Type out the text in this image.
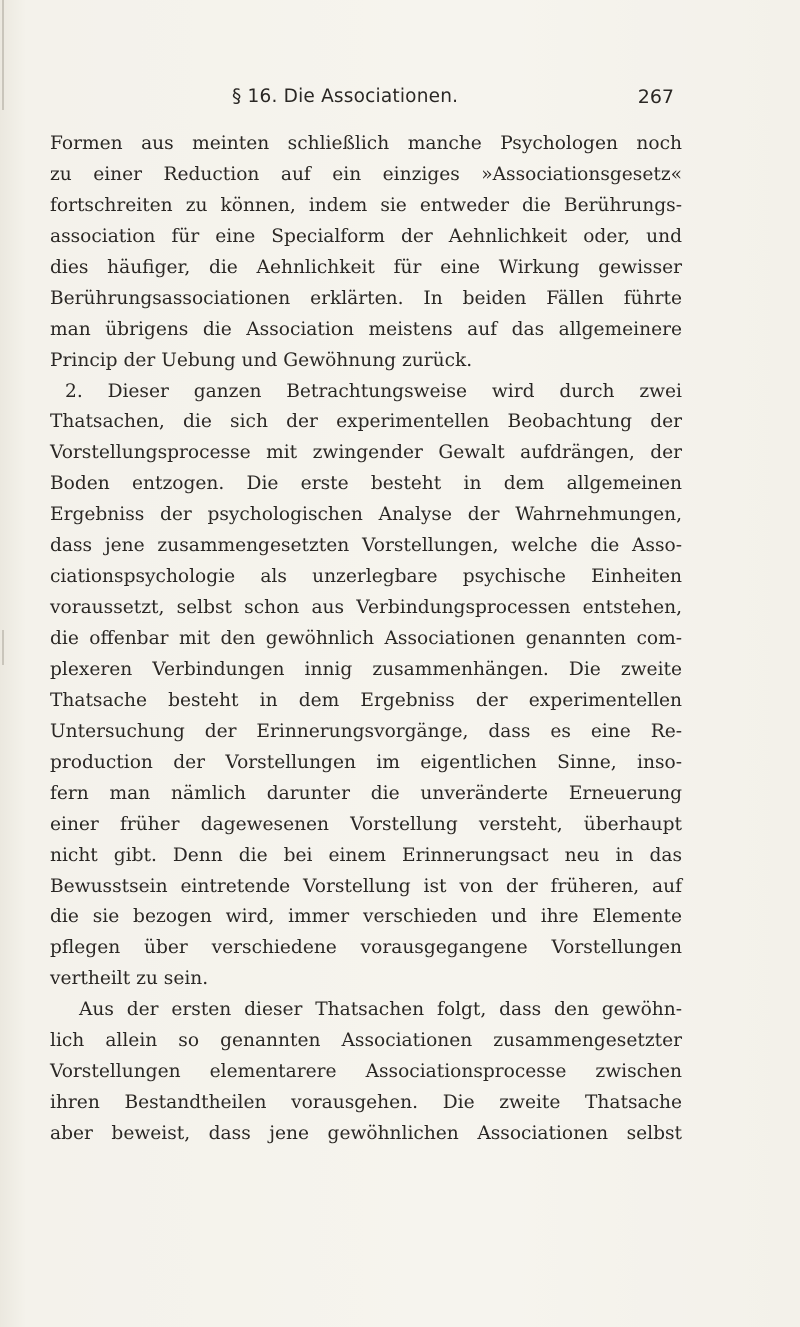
§ 16. Die Associationen.	267
Formen aus meinten schließlich manche Psychologen noch
zu einer Reduction auf ein einziges »Associationsgesetz«
fortschreiten zu können, indem sie entweder die Berührungs-
association für eine Specialform der Aehnlichkeit oder, und
dies häufiger, die Aehnlichkeit für eine Wirkung gewisser
Berührungsassociationen erklärten. In beiden Fällen führte
man übrigens die Association meistens auf das allgemeinere
Princip der Uebung und Gewöhnung zurück.
2. Dieser ganzen Betrachtungsweise wird durch zwei
Thatsachen, die sich der experimentellen Beobachtung der
Vorstellungsprocesse mit zwingender Gewalt aufdrängen, der
Boden entzogen. Die erste besteht in dem allgemeinen
Ergebniss der psychologischen Analyse der Wahrnehmungen,
dass jene zusammengesetzten Vorstellungen, welche die Asso-
ciationspsychologie als unzerlegbare psychische Einheiten
voraussetzt, selbst schon aus Verbindungsprocessen entstehen,
die offenbar mit den gewöhnlich Associationen genannten com-
plexeren Verbindungen innig zusammenhängen. Die zweite
Thatsache besteht in dem Ergebniss der experimentellen
Untersuchung der Erinnerungsvorgänge, dass es eine Re-
production der Vorstellungen im eigentlichen Sinne, inso-
fern man nämlich darunter die unveränderte Erneuerung
einer früher dagewesenen Vorstellung versteht, überhaupt
nicht gibt. Denn die bei einem Erinnerungsact neu in das
Bewusstsein eintretende Vorstellung ist von der früheren, auf
die sie bezogen wird, immer verschieden und ihre Elemente
pflegen über verschiedene vorausgegangene Vorstellungen
vertheilt zu sein.
Aus der ersten dieser Thatsachen folgt, dass den gewöhn-
lich allein so genannten Associationen zusammengesetzter
Vorstellungen elementarere Associationsprocesse zwischen
ihren Bestandtheilen vorausgehen. Die zweite Thatsache
aber beweist, dass jene gewöhnlichen Associationen selbst
